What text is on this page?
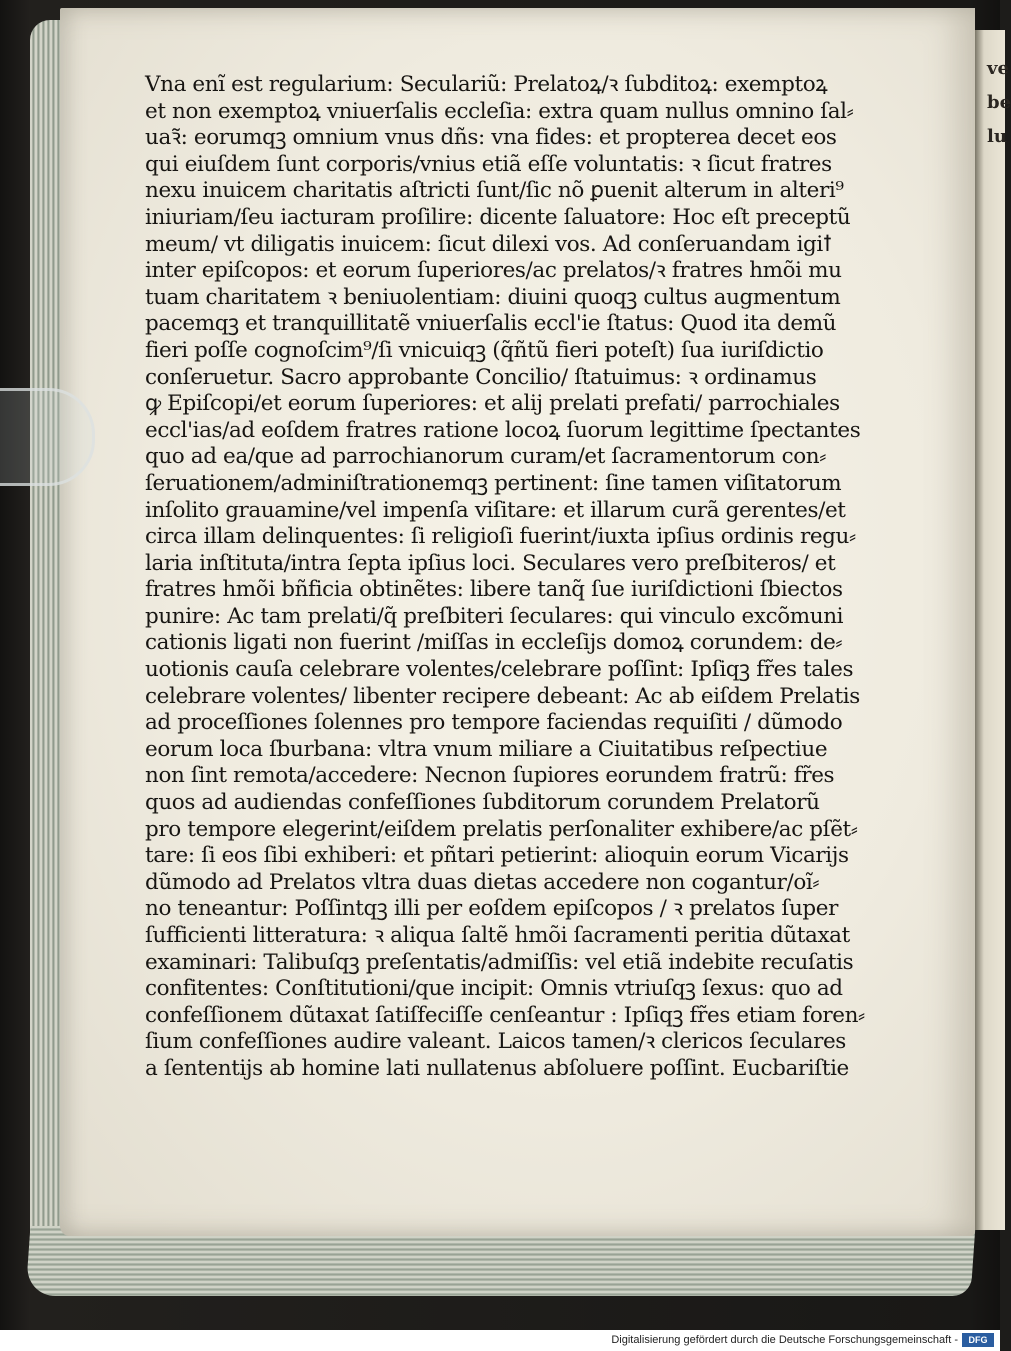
ve
be
lu
Vna enĩ est regularium: Seculariũ: Prelatoꝝ/ꝛ ſubditoꝝ: exemptoꝝ
et non exemptoꝝ vniuerſalis eccleſia: extra quam nullus omnino ſal⸗
uaꝛ̃: eorumqꝫ omnium vnus dñs: vna fides: et propterea decet eos
qui eiuſdem ſunt corporis/vnius etiã eſſe voluntatis: ꝛ ſicut fratres
nexu inuicem charitatis aſtricti ſunt/ſic nõ ꝑuenit alterum in alteri⁹
iniuriam/ſeu iacturam proſilire: dicente ſaluatore: Hoc eſt preceptũ
meum/ vt diligatis inuicem: ſicut dilexi vos. Ad conſeruandam igiꝉ
inter epiſcopos: et eorum ſuperiores/ac prelatos/ꝛ fratres hmõi mu
tuam charitatem ꝛ beniuolentiam: diuini quoqꝫ cultus augmentum
pacemqꝫ et tranquillitatẽ vniuerſalis eccl'ie ſtatus: Quod ita demũ
fieri poſſe cognoſcim⁹/ſi vnicuiqꝫ (q̃ñtũ fieri poteſt) ſua iuriſdictio
conſeruetur. Sacro approbante Concilio/ ſtatuimus: ꝛ ordinamus
ꝙ Epiſcopi/et eorum ſuperiores: et alij prelati prefati/ parrochiales
eccl'ias/ad eoſdem fratres ratione locoꝝ ſuorum legittime ſpectantes
quo ad ea/que ad parrochianorum curam/et ſacramentorum con⸗
ſeruationem/adminiſtrationemqꝫ pertinent: ſine tamen viſitatorum
inſolito grauamine/vel impenſa viſitare: et illarum curã gerentes/et
circa illam delinquentes: ſi religioſi fuerint/iuxta ipſius ordinis regu⸗
laria inſtituta/intra ſepta ipſius loci. Seculares vero preſbiteros/ et
fratres hmõi bñficia obtinẽtes: libere tanq̃ ſue iuriſdictioni ſbiectos
punire: Ac tam prelati/q̃ preſbiteri ſeculares: qui vinculo excõmuni
cationis ligati non fuerint /miſſas in eccleſijs domoꝝ corundem: de⸗
uotionis cauſa celebrare volentes/celebrare poſſint: Ipſiqꝫ fr̃es tales
celebrare volentes/ libenter recipere debeant: Ac ab eiſdem Prelatis
ad proceſſiones ſolennes pro tempore faciendas requiſiti / dũmodo
eorum loca ſburbana: vltra vnum miliare a Ciuitatibus reſpectiue
non ſint remota/accedere: Necnon ſupiores eorundem fratrũ: fr̃es
quos ad audiendas confeſſiones ſubditorum corundem Prelatorũ
pro tempore elegerint/eiſdem prelatis perſonaliter exhibere/ac pſẽt⸗
tare: ſi eos ſibi exhiberi: et pñtari petierint: alioquin eorum Vicarijs
dũmodo ad Prelatos vltra duas dietas accedere non cogantur/oĩ⸗
no teneantur: Poſſintqꝫ illi per eoſdem epiſcopos / ꝛ prelatos ſuper
ſufficienti litteratura: ꝛ aliqua ſaltẽ hmõi ſacramenti peritia dũtaxat
examinari: Talibuſqꝫ preſentatis/admiſſis: vel etiã indebite recuſatis
confitentes: Conſtitutioni/que incipit: Omnis vtriuſqꝫ ſexus: quo ad
confeſſionem dũtaxat ſatiſfeciſſe cenſeantur : Ipſiqꝫ fr̃es etiam foren⸗
ſium confeſſiones audire valeant. Laicos tamen/ꝛ clericos ſeculares
a ſententijs ab homine lati nullatenus abſoluere poſſint. Eucbariſtie
Digitalisierung gefördert durch die Deutsche Forschungsgemeinschaft -	DFG
